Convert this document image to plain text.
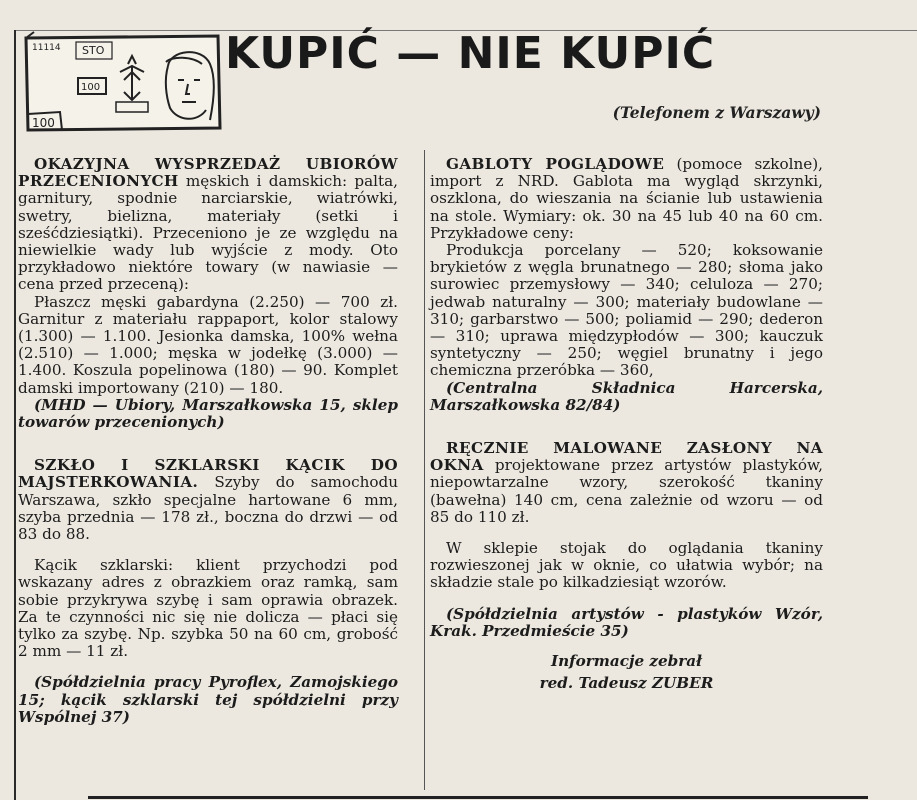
11114 STO
100
100
KUPIĆ — NIE KUPIĆ
(Telefonem z Warszawy)

OKAZYJNA WYSPRZEDAŻ UBIORÓW PRZECENIONYCH męskich i damskich: palta, garnitury, spodnie narciarskie, wiatrówki, swetry, bielizna, materiały (setki i sześćdziesiątki). Przeceniono je ze względu na niewielkie wady lub wyjście z mody. Oto przykładowo niektóre towary (w nawiasie — cena przed przeceną):

Płaszcz męski gabardyna (2.250) — 700 zł. Garnitur z materiału rappaport, kolor stalowy (1.300) — 1.100. Jesionka damska, 100% wełna (2.510) — 1.000; męska w jodełkę (3.000) — 1.400. Koszula popelinowa (180) — 90. Komplet damski importowany (210) — 180.

(MHD — Ubiory, Marszałkowska 15, sklep towarów przecenionych)

SZKŁO I SZKLARSKI KĄCIK DO MAJSTERKOWANIA. Szyby do samochodu Warszawa, szkło specjalne hartowane 6 mm, szyba przednia — 178 zł., boczna do drzwi — od 83 do 88.

Kącik szklarski: klient przychodzi pod wskazany adres z obrazkiem oraz ramką, sam sobie przykrywa szybę i sam oprawia obrazek. Za te czynności nic się nie dolicza — płaci się tylko za szybę. Np. szybka 50 na 60 cm, grobość 2 mm — 11 zł.

(Spółdzielnia pracy Pyroflex, Zamojskiego 15; kącik szklarski tej spółdzielni przy Wspólnej 37)

GABLOTY POGLĄDOWE (pomoce szkolne), import z NRD. Gablota ma wygląd skrzynki, oszklona, do wieszania na ścianie lub ustawienia na stole. Wymiary: ok. 30 na 45 lub 40 na 60 cm. Przykładowe ceny:

Produkcja porcelany — 520; koksowanie brykietów z węgla brunatnego — 280; słoma jako surowiec przemysłowy — 340; celuloza — 270; jedwab naturalny — 300; materiały budowlane — 310; garbarstwo — 500; poliamid — 290; dederon — 310; uprawa międzypłodów — 300; kauczuk syntetyczny — 250; węgiel brunatny i jego chemiczna przeróbka — 360,

(Centralna Składnica Harcerska, Marszałkowska 82/84)

RĘCZNIE MALOWANE ZASŁONY NA OKNA projektowane przez artystów plastyków, niepowtarzalne wzory, szerokość tkaniny (bawełna) 140 cm, cena zależnie od wzoru — od 85 do 110 zł.

W sklepie stojak do oglądania tkaniny rozwieszonej jak w oknie, co ułatwia wybór; na składzie stale po kilkadziesiąt wzorów.

(Spółdzielnia artystów - plastyków Wzór, Krak. Przedmieście 35)

Informacje zebrał
red. Tadeusz ZUBER
